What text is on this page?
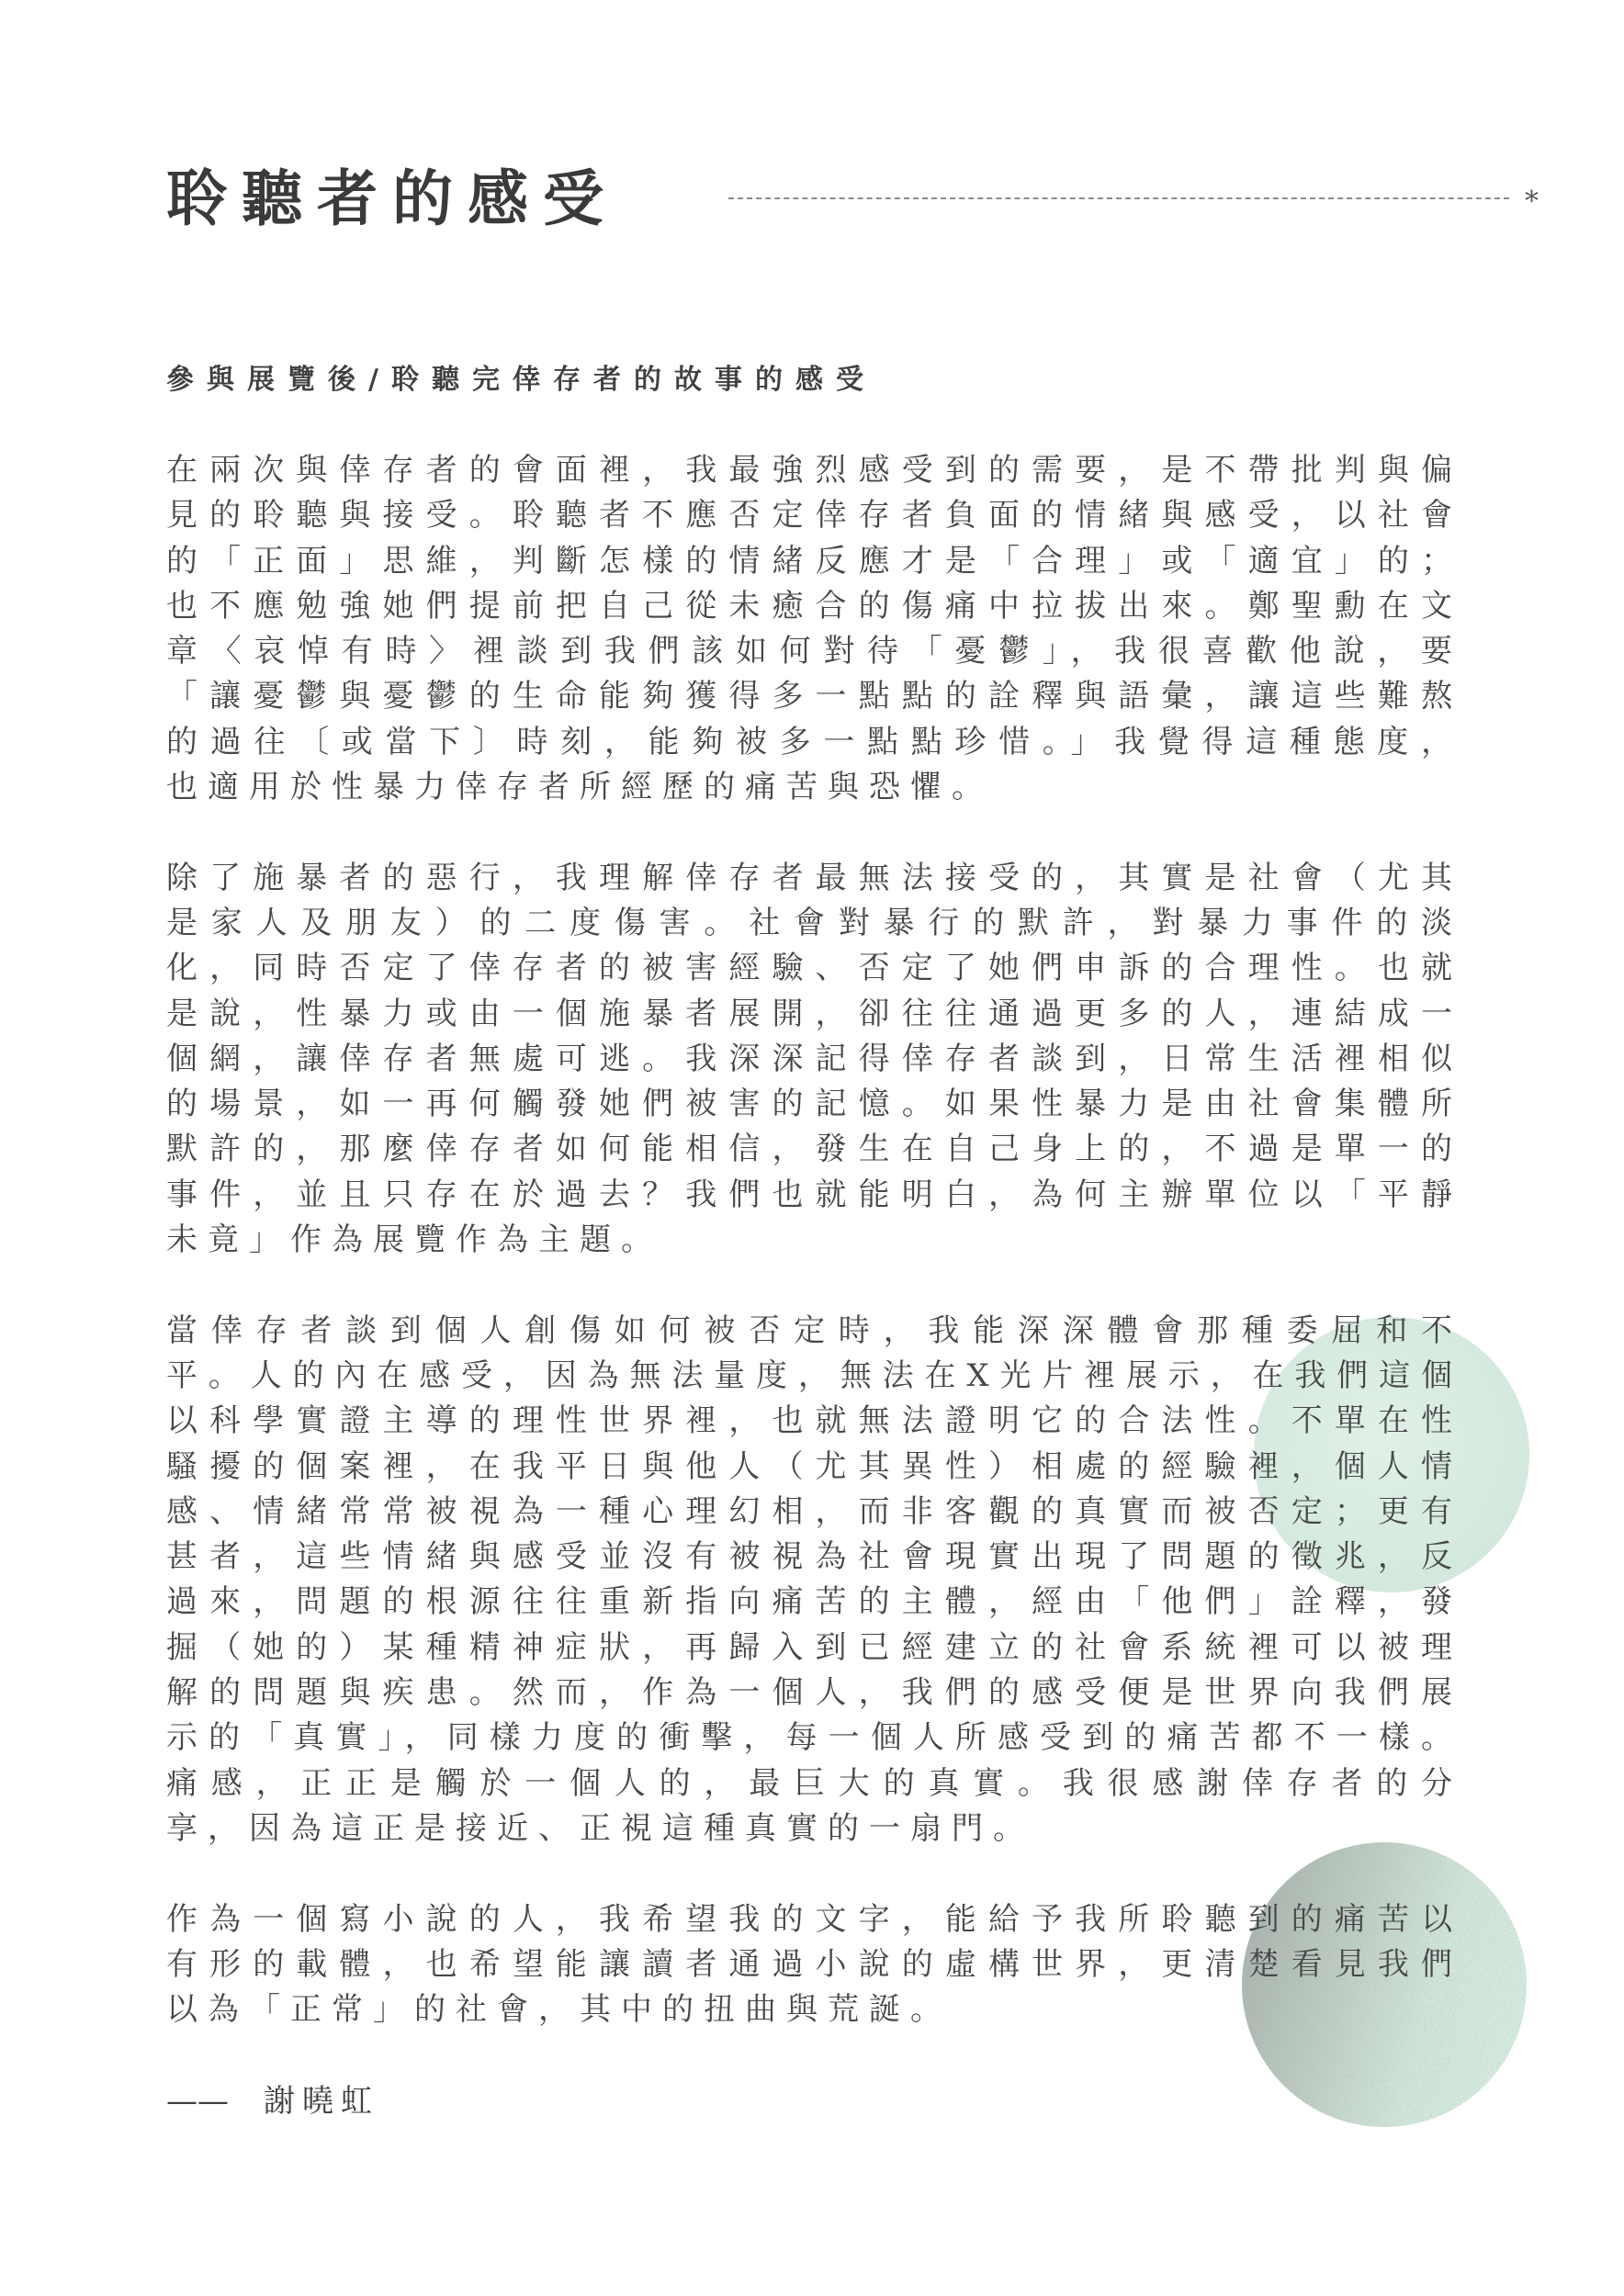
聆聽者的感受	*
參與展覽後/聆聽完倖存者的故事的感受
在兩次與倖存者的會面裡，我最強烈感受到的需要，是不帶批判與偏
見的聆聽與接受。聆聽者不應否定倖存者負面的情緒與感受，以社會
的「正面」思維，判斷怎樣的情緒反應才是「合理」或「適宜」的；
也不應勉強她們提前把自己從未癒合的傷痛中拉拔出來。鄭聖勳在文
章〈哀悼有時〉裡談到我們該如何對待「憂鬱」，我很喜歡他說，要
「讓憂鬱與憂鬱的生命能夠獲得多一點點的詮釋與語彙，讓這些難熬
的過往〔或當下〕時刻，能夠被多一點點珍惜。」我覺得這種態度，
也適用於性暴力倖存者所經歷的痛苦與恐懼。
除了施暴者的惡行，我理解倖存者最無法接受的，其實是社會（尤其
是家人及朋友）的二度傷害。社會對暴行的默許，對暴力事件的淡
化，同時否定了倖存者的被害經驗、否定了她們申訴的合理性。也就
是說，性暴力或由一個施暴者展開，卻往往通過更多的人，連結成一
個網，讓倖存者無處可逃。我深深記得倖存者談到，日常生活裡相似
的場景，如一再何觸發她們被害的記憶。如果性暴力是由社會集體所
默許的，那麼倖存者如何能相信，發生在自己身上的，不過是單一的
事件，並且只存在於過去？我們也就能明白，為何主辦單位以「平靜
未竟」作為展覽作為主題。
當倖存者談到個人創傷如何被否定時，我能深深體會那種委屈和不
平。人的內在感受，因為無法量度，無法在X光片裡展示，在我們這個
以科學實證主導的理性世界裡，也就無法證明它的合法性。不單在性
騷擾的個案裡，在我平日與他人（尤其異性）相處的經驗裡，個人情
感、情緒常常被視為一種心理幻相，而非客觀的真實而被否定；更有
甚者，這些情緒與感受並沒有被視為社會現實出現了問題的徵兆，反
過來，問題的根源往往重新指向痛苦的主體，經由「他們」詮釋，發
掘（她的）某種精神症狀，再歸入到已經建立的社會系統裡可以被理
解的問題與疾患。然而，作為一個人，我們的感受便是世界向我們展
示的「真實」，同樣力度的衝擊，每一個人所感受到的痛苦都不一樣。
痛感，正正是觸於一個人的，最巨大的真實。我很感謝倖存者的分
享，因為這正是接近、正視這種真實的一扇門。
作為一個寫小說的人，我希望我的文字，能給予我所聆聽到的痛苦以
有形的載體，也希望能讓讀者通過小說的虛構世界，更清楚看見我們
以為「正常」的社會，其中的扭曲與荒誕。
—— 謝曉虹
